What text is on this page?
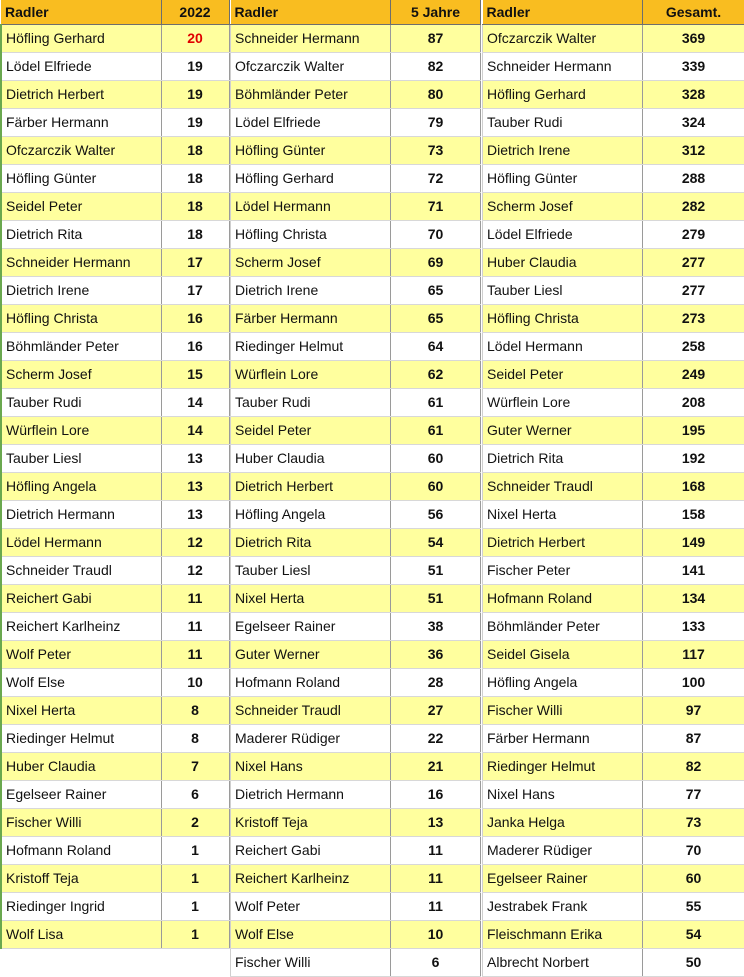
Radler	2022
Höfling Gerhard	20
Lödel Elfriede	19
Dietrich Herbert	19
Färber Hermann	19
Ofczarczik Walter	18
Höfling Günter	18
Seidel Peter	18
Dietrich Rita	18
Schneider Hermann	17
Dietrich Irene	17
Höfling Christa	16
Böhmländer Peter	16
Scherm Josef	15
Tauber Rudi	14
Würflein Lore	14
Tauber Liesl	13
Höfling Angela	13
Dietrich Hermann	13
Lödel Hermann	12
Schneider Traudl	12
Reichert Gabi	11
Reichert Karlheinz	11
Wolf Peter	11
Wolf Else	10
Nixel Herta	8
Riedinger Helmut	8
Huber Claudia	7
Egelseer Rainer	6
Fischer Willi	2
Hofmann Roland	1
Kristoff Teja	1
Riedinger Ingrid	1
Wolf Lisa	1

Radler	5 Jahre
Schneider Hermann	87
Ofczarczik Walter	82
Böhmländer Peter	80
Lödel Elfriede	79
Höfling Günter	73
Höfling Gerhard	72
Lödel Hermann	71
Höfling Christa	70
Scherm Josef	69
Dietrich Irene	65
Färber Hermann	65
Riedinger Helmut	64
Würflein Lore	62
Tauber Rudi	61
Seidel Peter	61
Huber Claudia	60
Dietrich Herbert	60
Höfling Angela	56
Dietrich Rita	54
Tauber Liesl	51
Nixel Herta	51
Egelseer Rainer	38
Guter Werner	36
Hofmann Roland	28
Schneider Traudl	27
Maderer Rüdiger	22
Nixel Hans	21
Dietrich Hermann	16
Kristoff Teja	13
Reichert Gabi	11
Reichert Karlheinz	11
Wolf Peter	11
Wolf Else	10
Fischer Willi	6
Radler	Gesamt.
Ofczarczik Walter	369
Schneider Hermann	339
Höfling Gerhard	328
Tauber Rudi	324
Dietrich Irene	312
Höfling Günter	288
Scherm Josef	282
Lödel Elfriede	279
Huber Claudia	277
Tauber Liesl	277
Höfling Christa	273
Lödel Hermann	258
Seidel Peter	249
Würflein Lore	208
Guter Werner	195
Dietrich Rita	192
Schneider Traudl	168
Nixel Herta	158
Dietrich Herbert	149
Fischer Peter	141
Hofmann Roland	134
Böhmländer Peter	133
Seidel Gisela	117
Höfling Angela	100
Fischer Willi	97
Färber Hermann	87
Riedinger Helmut	82
Nixel Hans	77
Janka Helga	73
Maderer Rüdiger	70
Egelseer Rainer	60
Jestrabek Frank	55
Fleischmann Erika	54
Albrecht Norbert	50
